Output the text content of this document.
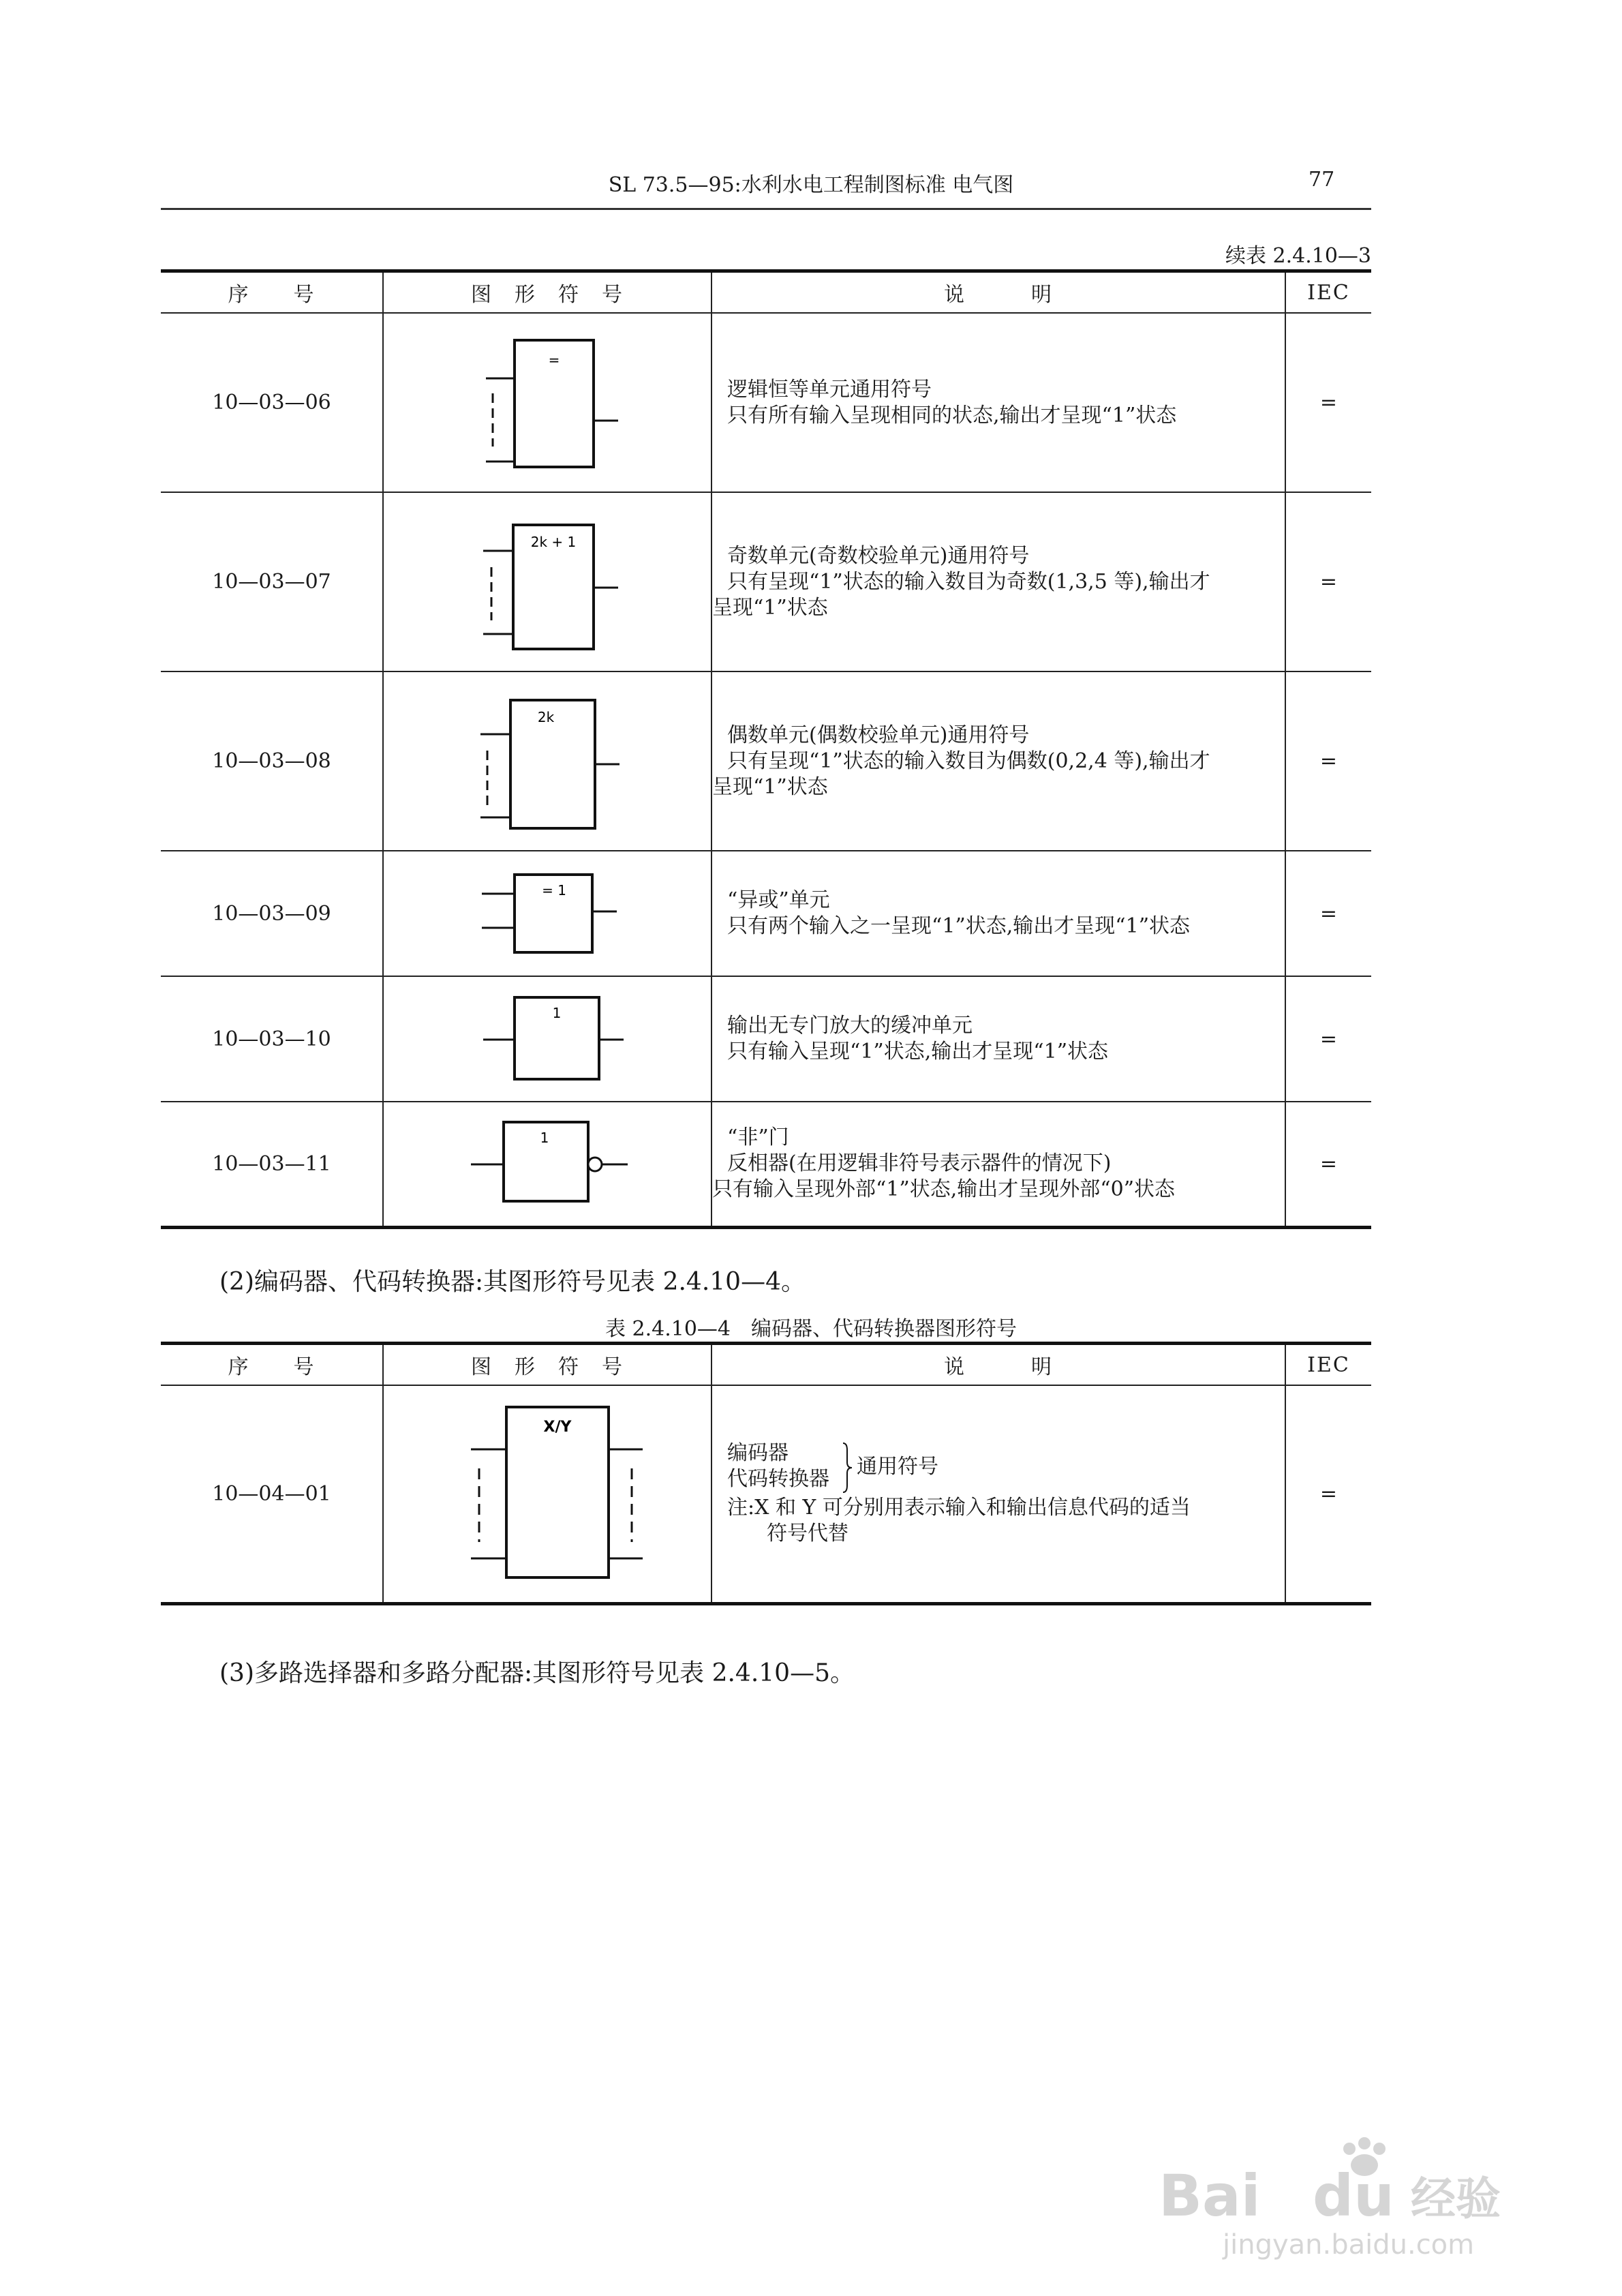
SL 73.5—95:水利水电工程制图标准 电气图	77
续表 2.4.10—3
序　　号	图　形　符　号	说　　　明	IEC
10—03—06	=	逻辑恒等单元通用符号
只有所有输入呈现相同的状态,输出才呈现“1”状态	=
10—03—07	2k + 1	奇数单元(奇数校验单元)通用符号
只有呈现“1”状态的输入数目为奇数(1,3,5 等),输出才
呈现“1”状态	=
10—03—08	2k	偶数单元(偶数校验单元)通用符号
只有呈现“1”状态的输入数目为偶数(0,2,4 等),输出才
呈现“1”状态	=
10—03—09	= 1	“异或”单元
只有两个输入之一呈现“1”状态,输出才呈现“1”状态	=
10—03—10	1	输出无专门放大的缓冲单元
只有输入呈现“1”状态,输出才呈现“1”状态	=
10—03—11	1	“非”门
反相器(在用逻辑非符号表示器件的情况下)
只有输入呈现外部“1”状态,输出才呈现外部“0”状态	=
(2)编码器、代码转换器:其图形符号见表 2.4.10—4。
表 2.4.10—4　编码器、代码转换器图形符号
序　　号	图　形　符　号	说　　　明	IEC
10—04—01	X/Y	编码器
代码转换器
通用符号
注:X 和 Y 可分别用表示输入和输出信息代码的适当
符号代替	=
(3)多路选择器和多路分配器:其图形符号见表 2.4.10—5。
Bai du 经验
jingyan.baidu.com
